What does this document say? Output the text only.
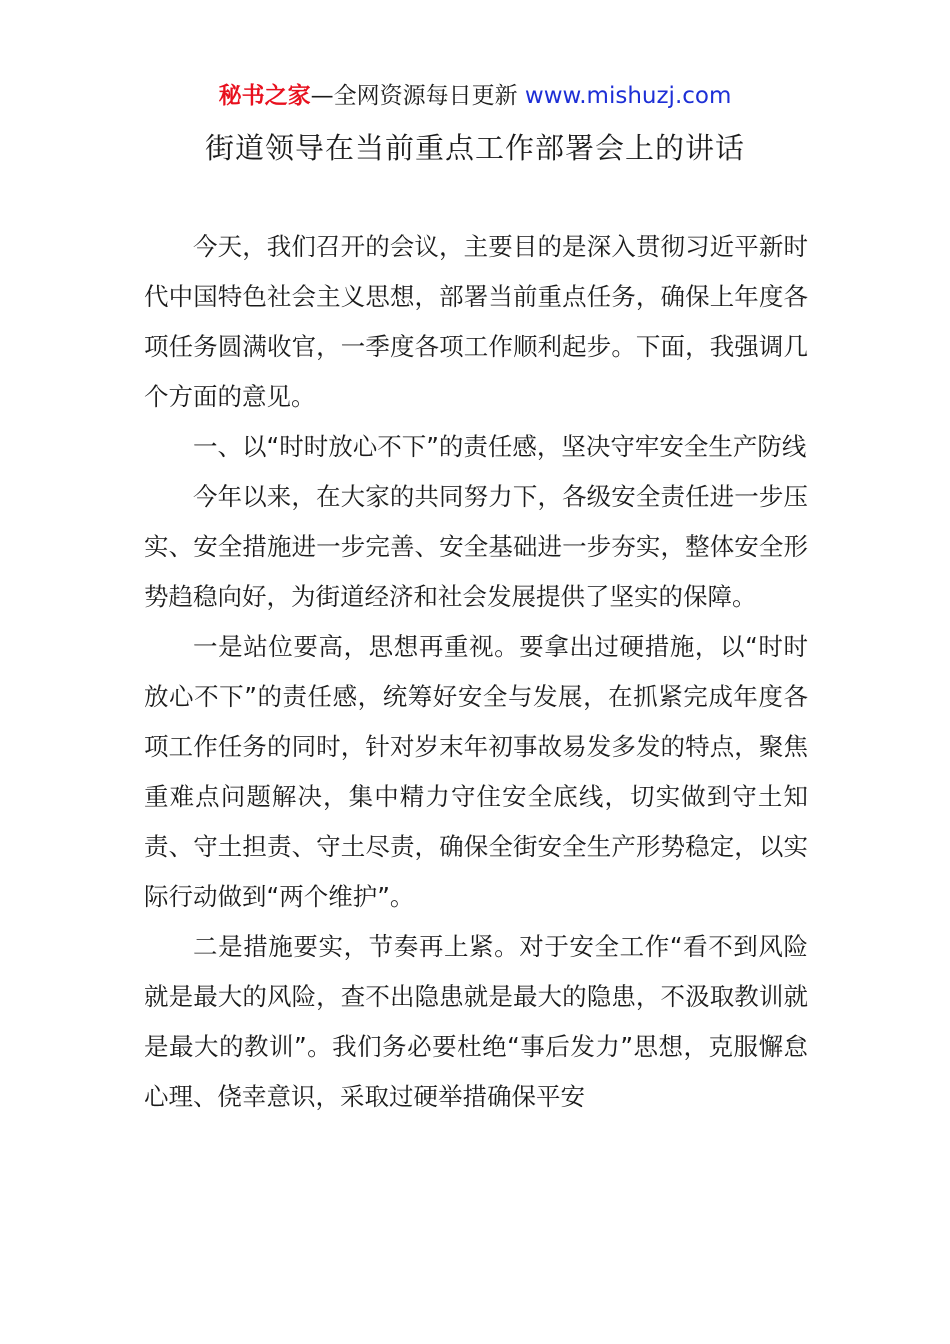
秘书之家—全网资源每日更新 www.mishuzj.com
街道领导在当前重点工作部署会上的讲话

今天，我们召开的会议，主要目的是深入贯彻习近平新时代中国特色社会主义思想，部署当前重点任务，确保上年度各项任务圆满收官，一季度各项工作顺利起步。下面，我强调几个方面的意见。

一、以“时时放心不下”的责任感，坚决守牢安全生产防线

今年以来，在大家的共同努力下，各级安全责任进一步压实、安全措施进一步完善、安全基础进一步夯实，整体安全形势趋稳向好，为街道经济和社会发展提供了坚实的保障。

一是站位要高，思想再重视。要拿出过硬措施，以“时时放心不下”的责任感，统筹好安全与发展，在抓紧完成年度各项工作任务的同时，针对岁末年初事故易发多发的特点，聚焦重难点问题解决，集中精力守住安全底线，切实做到守土知责、守土担责、守土尽责，确保全街安全生产形势稳定，以实际行动做到“两个维护”。

二是措施要实，节奏再上紧。对于安全工作“看不到风险就是最大的风险，查不出隐患就是最大的隐患，不汲取教训就是最大的教训”。我们务必要杜绝“事后发力”思想，克服懈怠心理、侥幸意识，采取过硬举措确保平安
